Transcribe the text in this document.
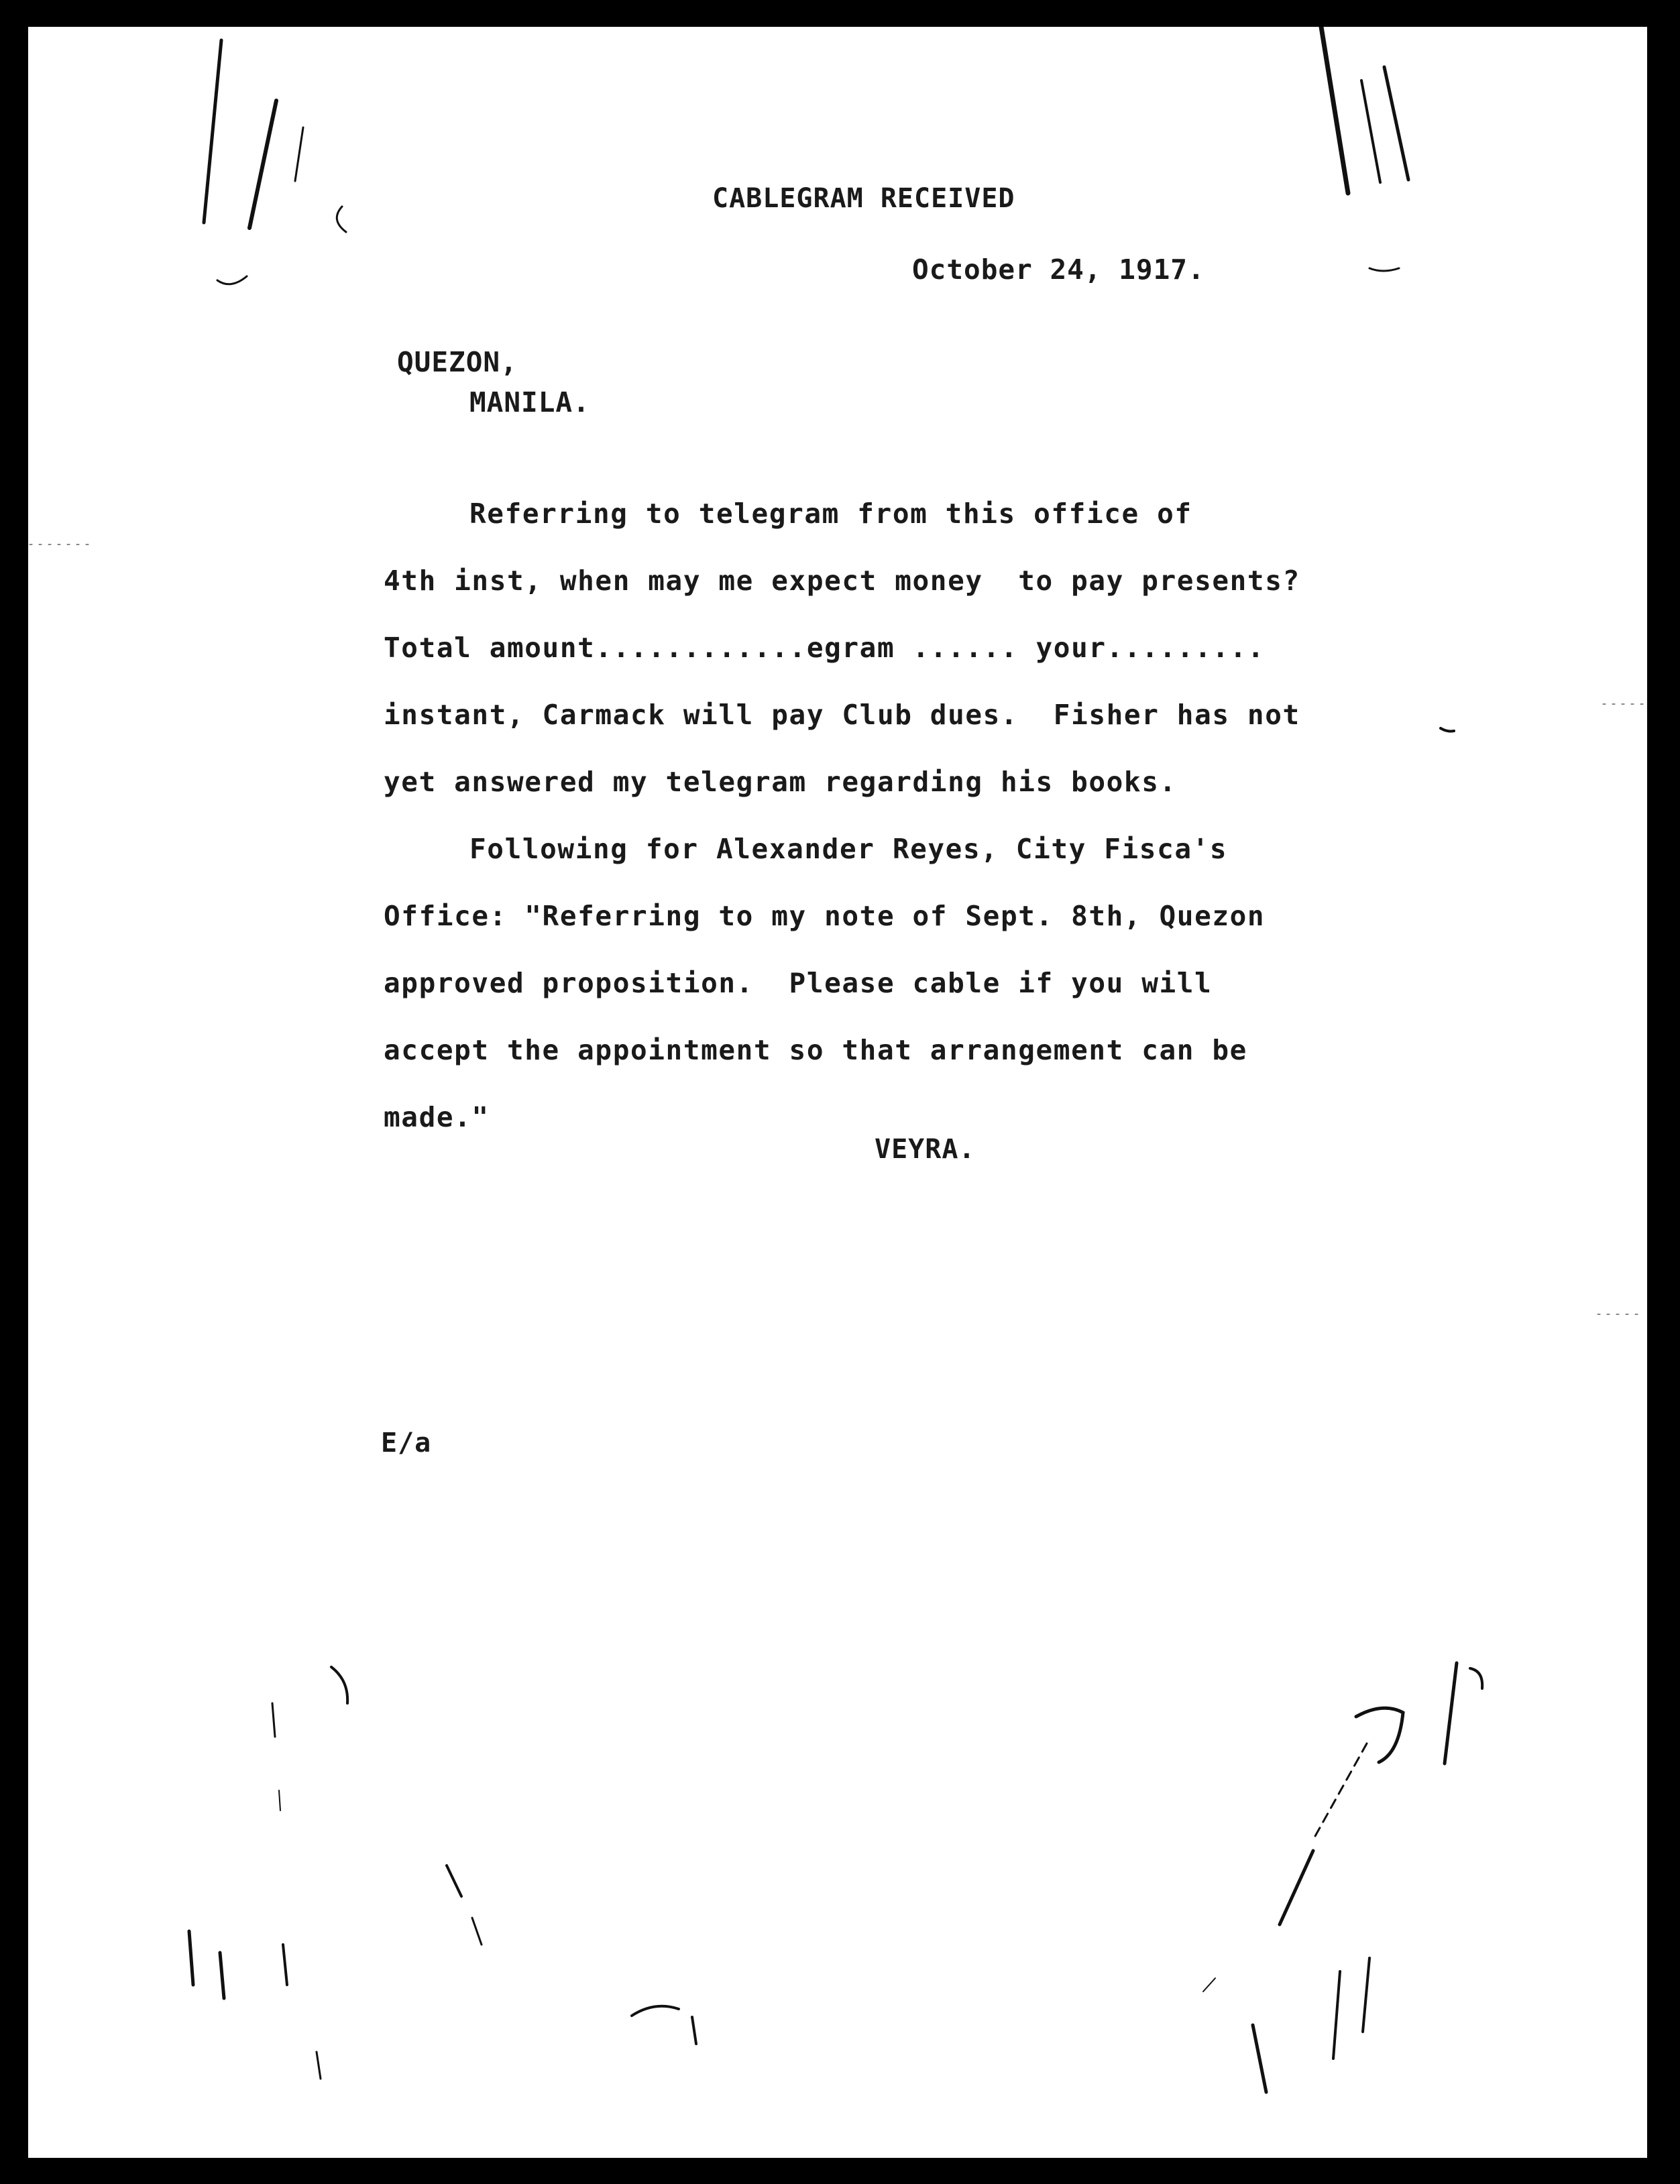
CABLEGRAM RECEIVED

October 24, 1917.

QUEZON,

MANILA.

Referring to telegram from this office of

4th inst, when may me expect money  to pay presents?

Total amount............egram ...... your.........

instant, Carmack will pay Club dues.  Fisher has not

yet answered my telegram regarding his books.

Following for Alexander Reyes, City Fisca's

Office: "Referring to my note of Sept. 8th, Quezon

approved proposition.  Please cable if you will

accept the appointment so that arrangement can be

made."

VEYRA.

E/a
